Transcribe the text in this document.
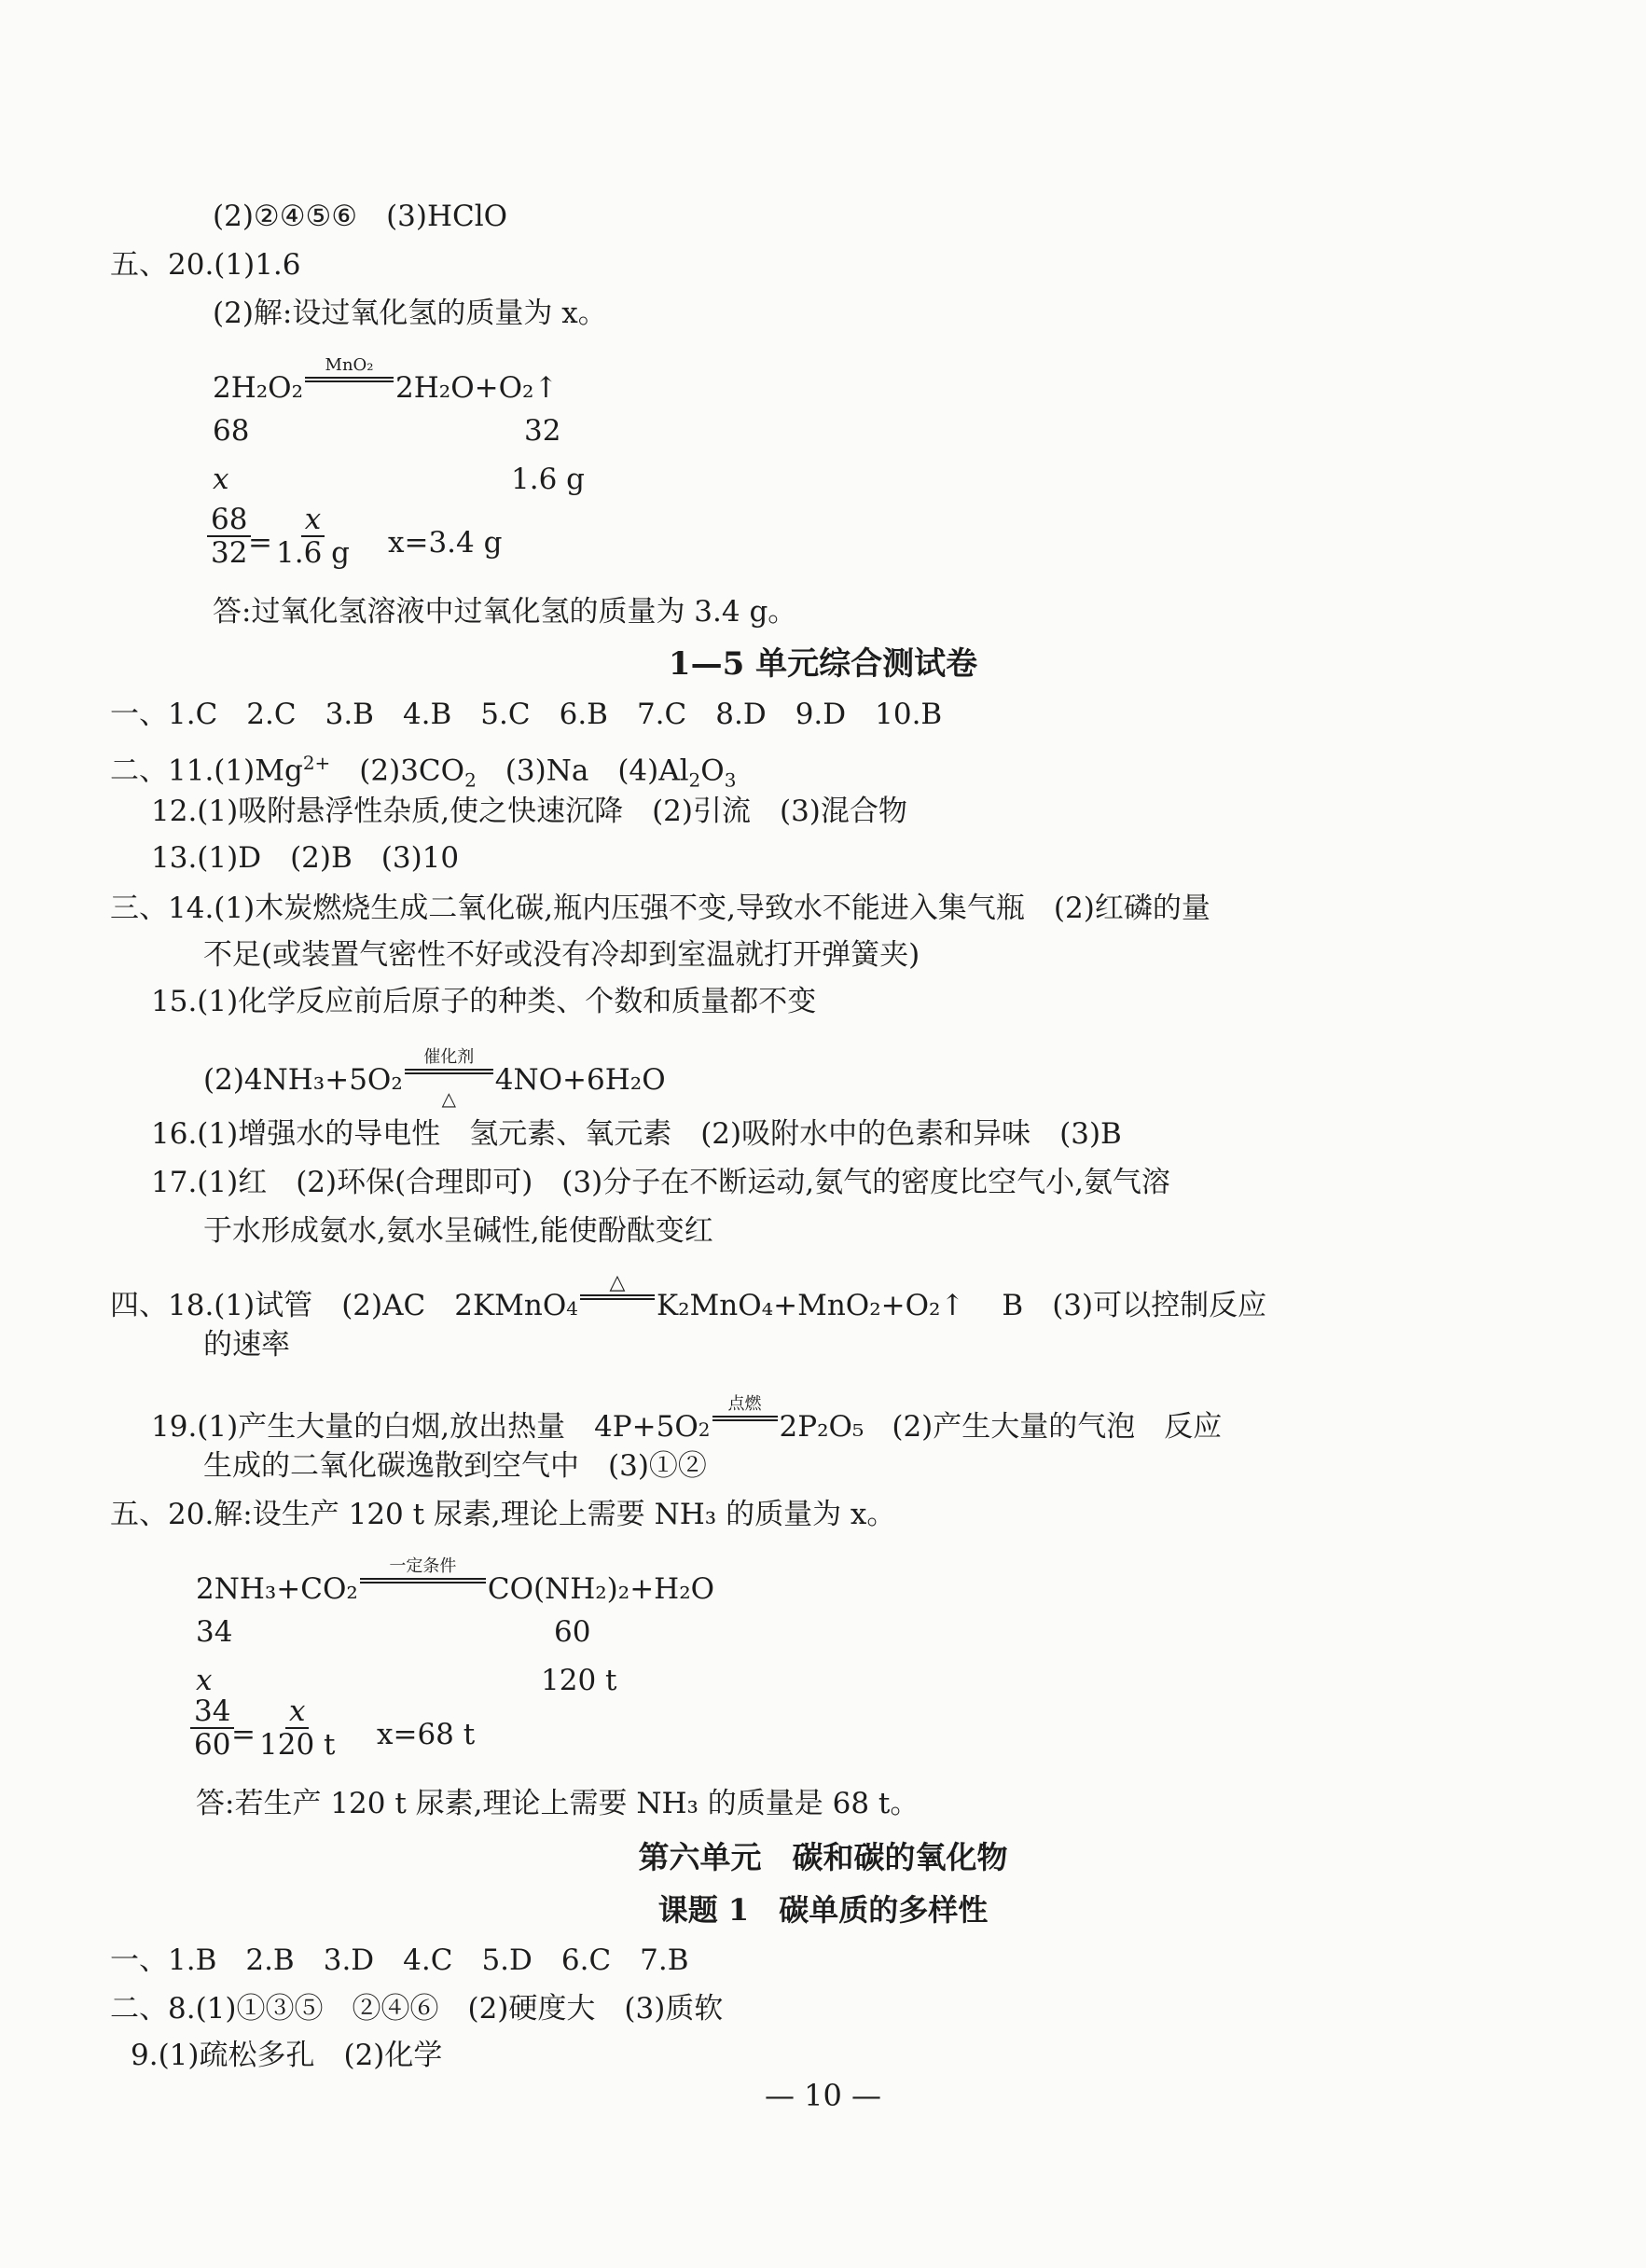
(2)②④⑤⑥　(3)HClO
五、20.(1)1.6
(2)解:设过氧化氢的质量为 x。
2H₂O₂
MnO₂
2H₂O+O₂↑
68	32
x	1.6 g
$\frac{68}{32}$
= $\frac{x}{1.6 g} x=3.4$ g
答:过氧化氢溶液中过氧化氢的质量为 3.4 g。
1—5 单元综合测试卷
一、1.C　2.C　3.B　4.B　5.C　6.B　7.C　8.D　9.D　10.B
二、$11.(1)Mg^{2+}$　$(2)3CO_2$　(3)Na　$(4)Al_2O_3$
12.(1)吸附悬浮性杂质,使之快速沉降　(2)引流　(3)混合物
13.(1)D　(2)B　(3)10
三、14.(1)木炭燃烧生成二氧化碳,瓶内压强不变,导致水不能进入集气瓶　(2)红磷的量
不足(或装置气密性不好或没有冷却到室温就打开弹簧夹)
15.(1)化学反应前后原子的种类、个数和质量都不变
(2)4NH₃+5O₂
催化剂
△
4NO+6H₂O
16.(1)增强水的导电性　氢元素、氧元素　(2)吸附水中的色素和异味　(3)B
17.(1)红　(2)环保(合理即可)　(3)分子在不断运动,氨气的密度比空气小,氨气溶
于水形成氨水,氨水呈碱性,能使酚酞变红
四、18.(1)试管　(2)AC　2KMnO 4
△
K₂MnO₄+MnO₂+O₂↑ B　(3)可以控制反应
的速率
19.(1)产生大量的白烟,放出热量　4P+5O 2
点燃
2P₂O₅ (2)产生大量的气泡　反应
生成的二氧化碳逸散到空气中　(3)①②
五、20.解:设生产 120 t 尿素,理论上需要 NH₃ 的质量为 x。
2NH₃+CO₂
一定条件
CO(NH₂)₂+H₂O
34	60
x	120 t
$\frac{34}{60}$
= $\frac{x}{120 t} x=68$ t
答:若生产 120 t 尿素,理论上需要 NH₃ 的质量是 68 t。
第六单元　碳和碳的氧化物
课题 1　碳单质的多样性
一、1.B　2.B　3.D　4.C　5.D　6.C　7.B
二、8.(1)①③⑤　②④⑥　(2)硬度大　(3)质软
9.(1)疏松多孔　(2)化学
— 10 —
